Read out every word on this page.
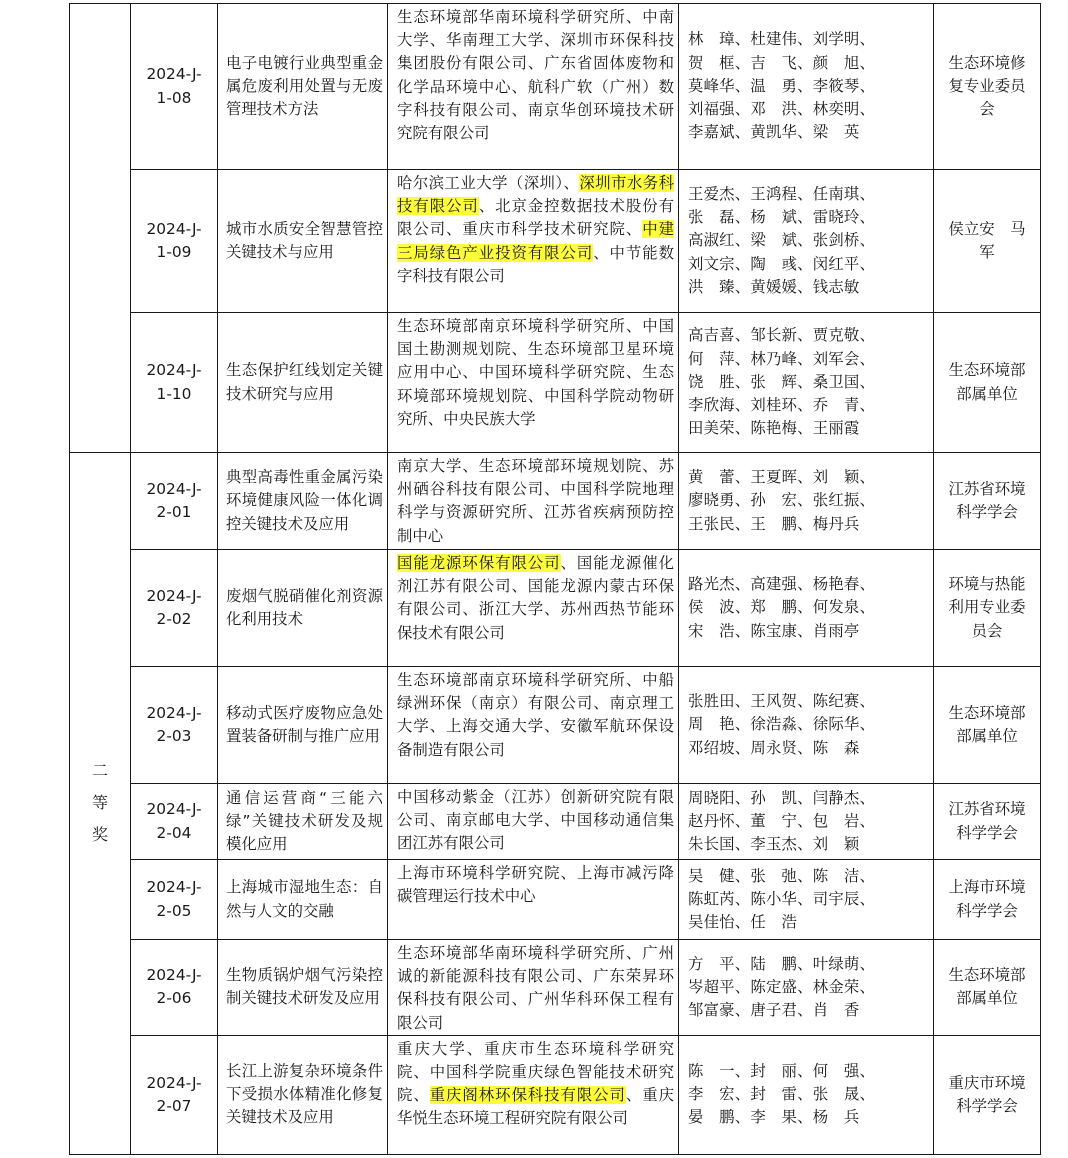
	2024-J-1-08	电子电镀行业典型重金属危废利用处置与无废管理技术方法	生态环境部华南环境科学研究所、中南大学、华南理工大学、深圳市环保科技集团股份有限公司、广东省固体废物和化学品环境中心、航科广软（广州）数字科技有限公司、南京华创环境技术研究院有限公司	林　璋、杜建伟、刘学明、
贺　框、吉　飞、颜　旭、
莫峰华、温　勇、李筱琴、
刘福强、邓　洪、林奕明、
李嘉斌、黄凯华、梁　英	生态环境修复专业委员会
	2024-J-1-09	城市水质安全智慧管控关键技术与应用	哈尔滨工业大学（深圳）、深圳市水务科技有限公司、北京金控数据技术股份有限公司、重庆市科学技术研究院、中建三局绿色产业投资有限公司、中节能数字科技有限公司	王爱杰、王鸿程、任南琪、
张　磊、杨　斌、雷晓玲、
高淑红、梁　斌、张剑桥、
刘文宗、陶　彧、闵红平、
洪　臻、黄媛媛、钱志敏	侯立安　马　军
	2024-J-1-10	生态保护红线划定关键技术研究与应用	生态环境部南京环境科学研究所、中国国土勘测规划院、生态环境部卫星环境应用中心、中国环境科学研究院、生态环境部环境规划院、中国科学院动物研究所、中央民族大学	高吉喜、邹长新、贾克敬、
何　萍、林乃峰、刘军会、
饶　胜、张　辉、桑卫国、
李欣海、刘桂环、乔　青、
田美荣、陈艳梅、王丽霞	生态环境部部属单位
二等奖	2024-J-2-01	典型高毒性重金属污染环境健康风险一体化调控关键技术及应用	南京大学、生态环境部环境规划院、苏州硒谷科技有限公司、中国科学院地理科学与资源研究所、江苏省疾病预防控制中心	黄　蕾、王夏晖、刘　颖、
廖晓勇、孙　宏、张红振、
王张民、王　鹏、梅丹兵	江苏省环境科学学会
	2024-J-2-02	废烟气脱硝催化剂资源化利用技术	国能龙源环保有限公司、国能龙源催化剂江苏有限公司、国能龙源内蒙古环保有限公司、浙江大学、苏州西热节能环保技术有限公司	路光杰、高建强、杨艳春、
侯　波、郑　鹏、何发泉、
宋　浩、陈宝康、肖雨亭	环境与热能利用专业委员会
	2024-J-2-03	移动式医疗废物应急处置装备研制与推广应用	生态环境部南京环境科学研究所、中船绿洲环保（南京）有限公司、南京理工大学、上海交通大学、安徽军航环保设备制造有限公司	张胜田、王风贺、陈纪赛、
周　艳、徐浩淼、徐际华、
邓绍坡、周永贤、陈　森	生态环境部部属单位
	2024-J-2-04	通信运营商“三能六绿”关键技术研发及规模化应用	中国移动紫金（江苏）创新研究院有限公司、南京邮电大学、中国移动通信集团江苏有限公司	周晓阳、孙　凯、闫静杰、
赵丹怀、董　宁、包　岩、
朱长国、李玉杰、刘　颖	江苏省环境科学学会
	2024-J-2-05	上海城市湿地生态：自然与人文的交融	上海市环境科学研究院、上海市减污降碳管理运行技术中心	吴　健、张　弛、陈　洁、
陈虹芮、陈小华、司宇辰、
吴佳怡、任　浩	上海市环境科学学会
	2024-J-2-06	生物质锅炉烟气污染控制关键技术研发及应用	生态环境部华南环境科学研究所、广州诚的新能源科技有限公司、广东荣昇环保科技有限公司、广州华科环保工程有限公司	方　平、陆　鹏、叶绿萌、
岑超平、陈定盛、林金荣、
邹富豪、唐子君、肖　香	生态环境部部属单位
	2024-J-2-07	长江上游复杂环境条件下受损水体精准化修复关键技术及应用	重庆大学、重庆市生态环境科学研究院、中国科学院重庆绿色智能技术研究院、重庆阁林环保科技有限公司、重庆华悦生态环境工程研究院有限公司	陈　一、封　丽、何　强、
李　宏、封　雷、张　晟、
晏　鹏、李　果、杨　兵	重庆市环境科学学会
